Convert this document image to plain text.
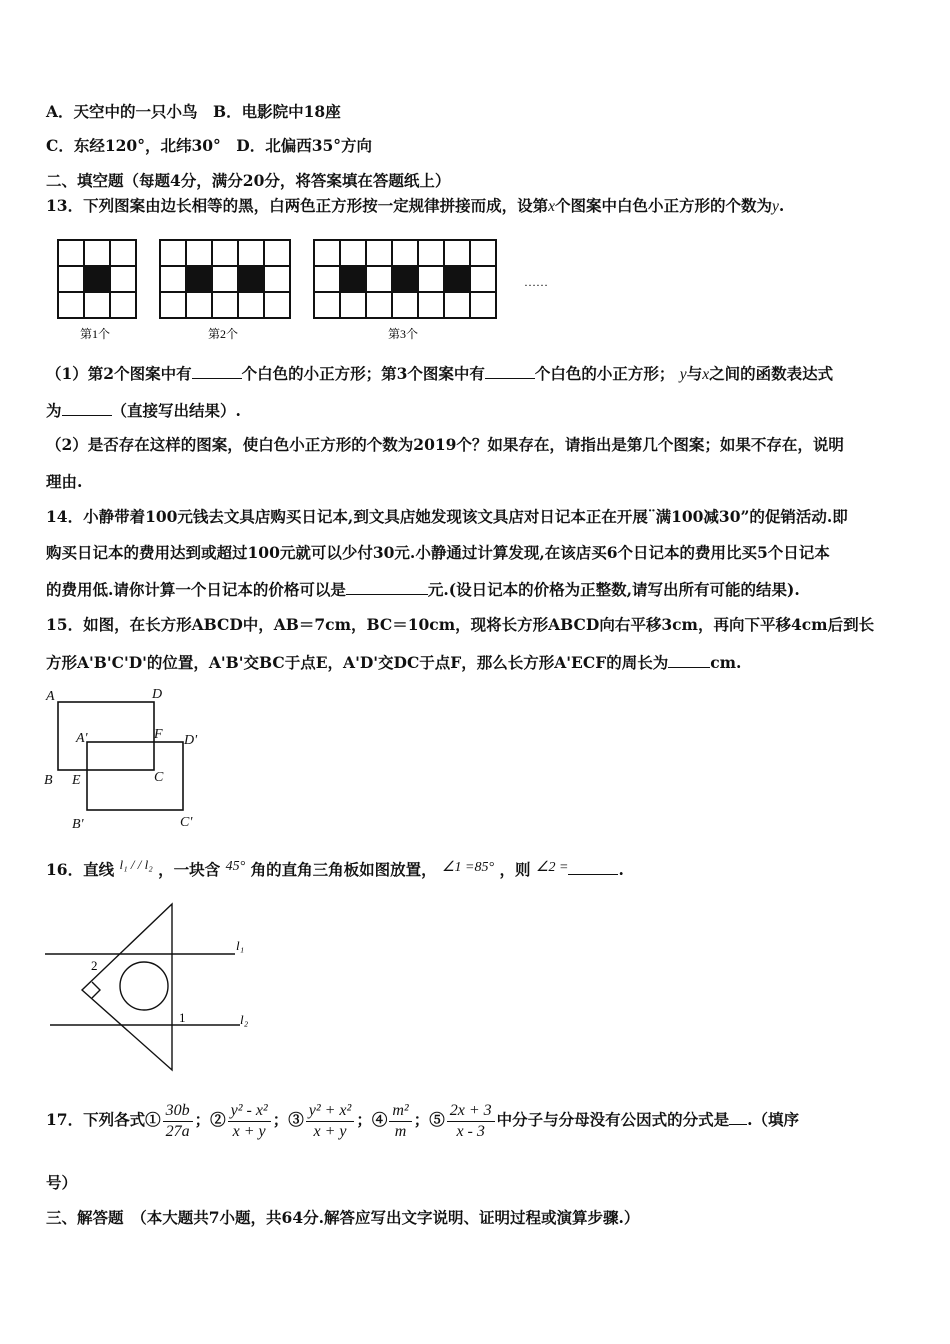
A．天空中的一只小鸟　B．电影院中18座
C．东经120°，北纬30°　D．北偏西35°方向
二、填空题（每题4分，满分20分，将答案填在答题纸上）
13．下列图案由边长相等的黑，白两色正方形按一定规律拼接而成，设第x个图案中白色小正方形的个数为y.
第1个	第2个	第3个
……
（1）第2个图案中有	个白色的小正方形；第3个图案中有	个白色的小正方形； y与x之间的函数表达式
为	（直接写出结果）.
（2）是否存在这样的图案，使白色小正方形的个数为2019个？如果存在，请指出是第几个图案；如果不存在，说明
理由.
14．小静带着100元钱去文具店购买日记本,到文具店她发现该文具店对日记本正在开展¨满100减30”的促销活动.即
购买日记本的费用达到或超过100元就可以少付30元.小静通过计算发现,在该店买6个日记本的费用比买5个日记本
的费用低.请你计算一个日记本的价格可以是	元.(设日记本的价格为正整数,请写出所有可能的结果).
15．如图，在长方形ABCD中，AB＝7cm，BC＝10cm，现将长方形ABCD向右平移3cm，再向下平移4cm后到长
方形A'B'C'D'的位置，A'B'交BC于点E，A'D'交DC于点F，那么长方形A'ECF的周长为	cm.
A	D
A'	F D'
B E	C
B'	C'
16．直线 $^{l_1 / / l_2}$ ，一块含 45° 角的直角三角板如图放置， ∠1 =85° ，则 ∠2 =	.
l₁
l₂
2
1
17．下列各式① $\frac{30b}{27a}$ ；② $\frac{\text{y² - x²}}{x + y}$ ；③ $\frac{\text{y² + x²}}{x + y}$ ；④ $\frac{\text{m²}}{m}$ ；⑤ $\frac{2x + 3}{x - 3}$ 中分子与分母没有公因式的分式是 .（填序
号）
三、解答题　（本大题共7小题，共64分.解答应写出文字说明、证明过程或演算步骤.）
